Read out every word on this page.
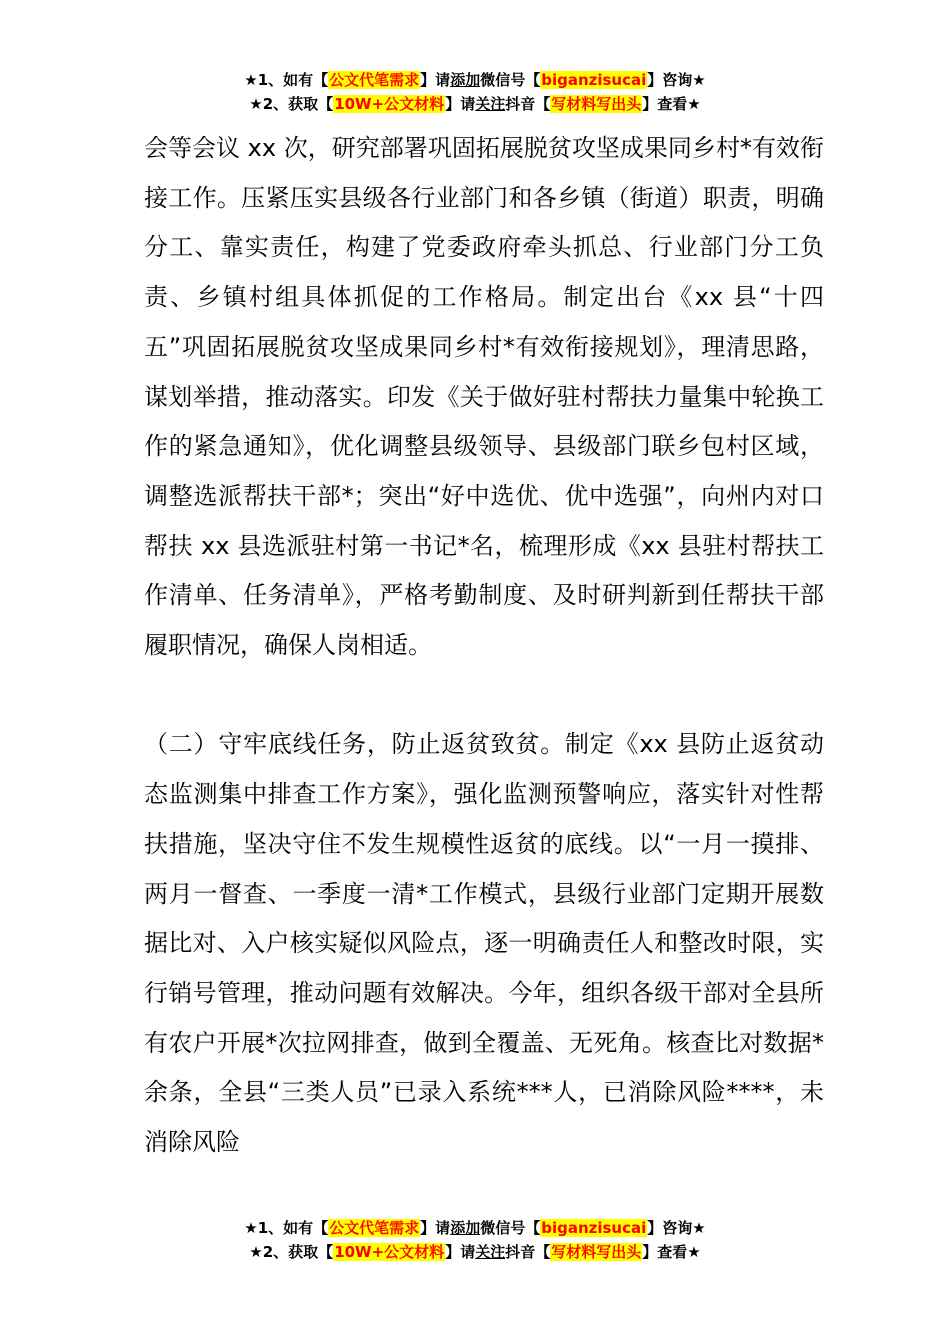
★1、如有【公文代笔需求】请添加微信号【biganzisucai】咨询★
★2、获取【10W+公文材料】请关注抖音【写材料写出头】查看★

会等会议 xx 次，研究部署巩固拓展脱贫攻坚成果同乡村*有效衔接工作。压紧压实县级各行业部门和各乡镇（街道）职责，明确分工、靠实责任，构建了党委政府牵头抓总、行业部门分工负责、乡镇村组具体抓促的工作格局。制定出台《xx 县“十四五”巩固拓展脱贫攻坚成果同乡村*有效衔接规划》，理清思路，谋划举措，推动落实。印发《关于做好驻村帮扶力量集中轮换工作的紧急通知》，优化调整县级领导、县级部门联乡包村区域，调整选派帮扶干部*；突出“好中选优、优中选强”，向州内对口帮扶 xx 县选派驻村第一书记*名，梳理形成《xx 县驻村帮扶工作清单、任务清单》，严格考勤制度、及时研判新到任帮扶干部履职情况，确保人岗相适。

（二）守牢底线任务，防止返贫致贫。制定《xx 县防止返贫动态监测集中排查工作方案》，强化监测预警响应，落实针对性帮扶措施，坚决守住不发生规模性返贫的底线。以“一月一摸排、两月一督查、一季度一清*工作模式，县级行业部门定期开展数据比对、入户核实疑似风险点，逐一明确责任人和整改时限，实行销号管理，推动问题有效解决。今年，组织各级干部对全县所有农户开展*次拉网排查，做到全覆盖、无死角。核查比对数据*余条，全县“三类人员”已录入系统***人，已消除风险****，未消除风险

★1、如有【公文代笔需求】请添加微信号【biganzisucai】咨询★
★2、获取【10W+公文材料】请关注抖音【写材料写出头】查看★
